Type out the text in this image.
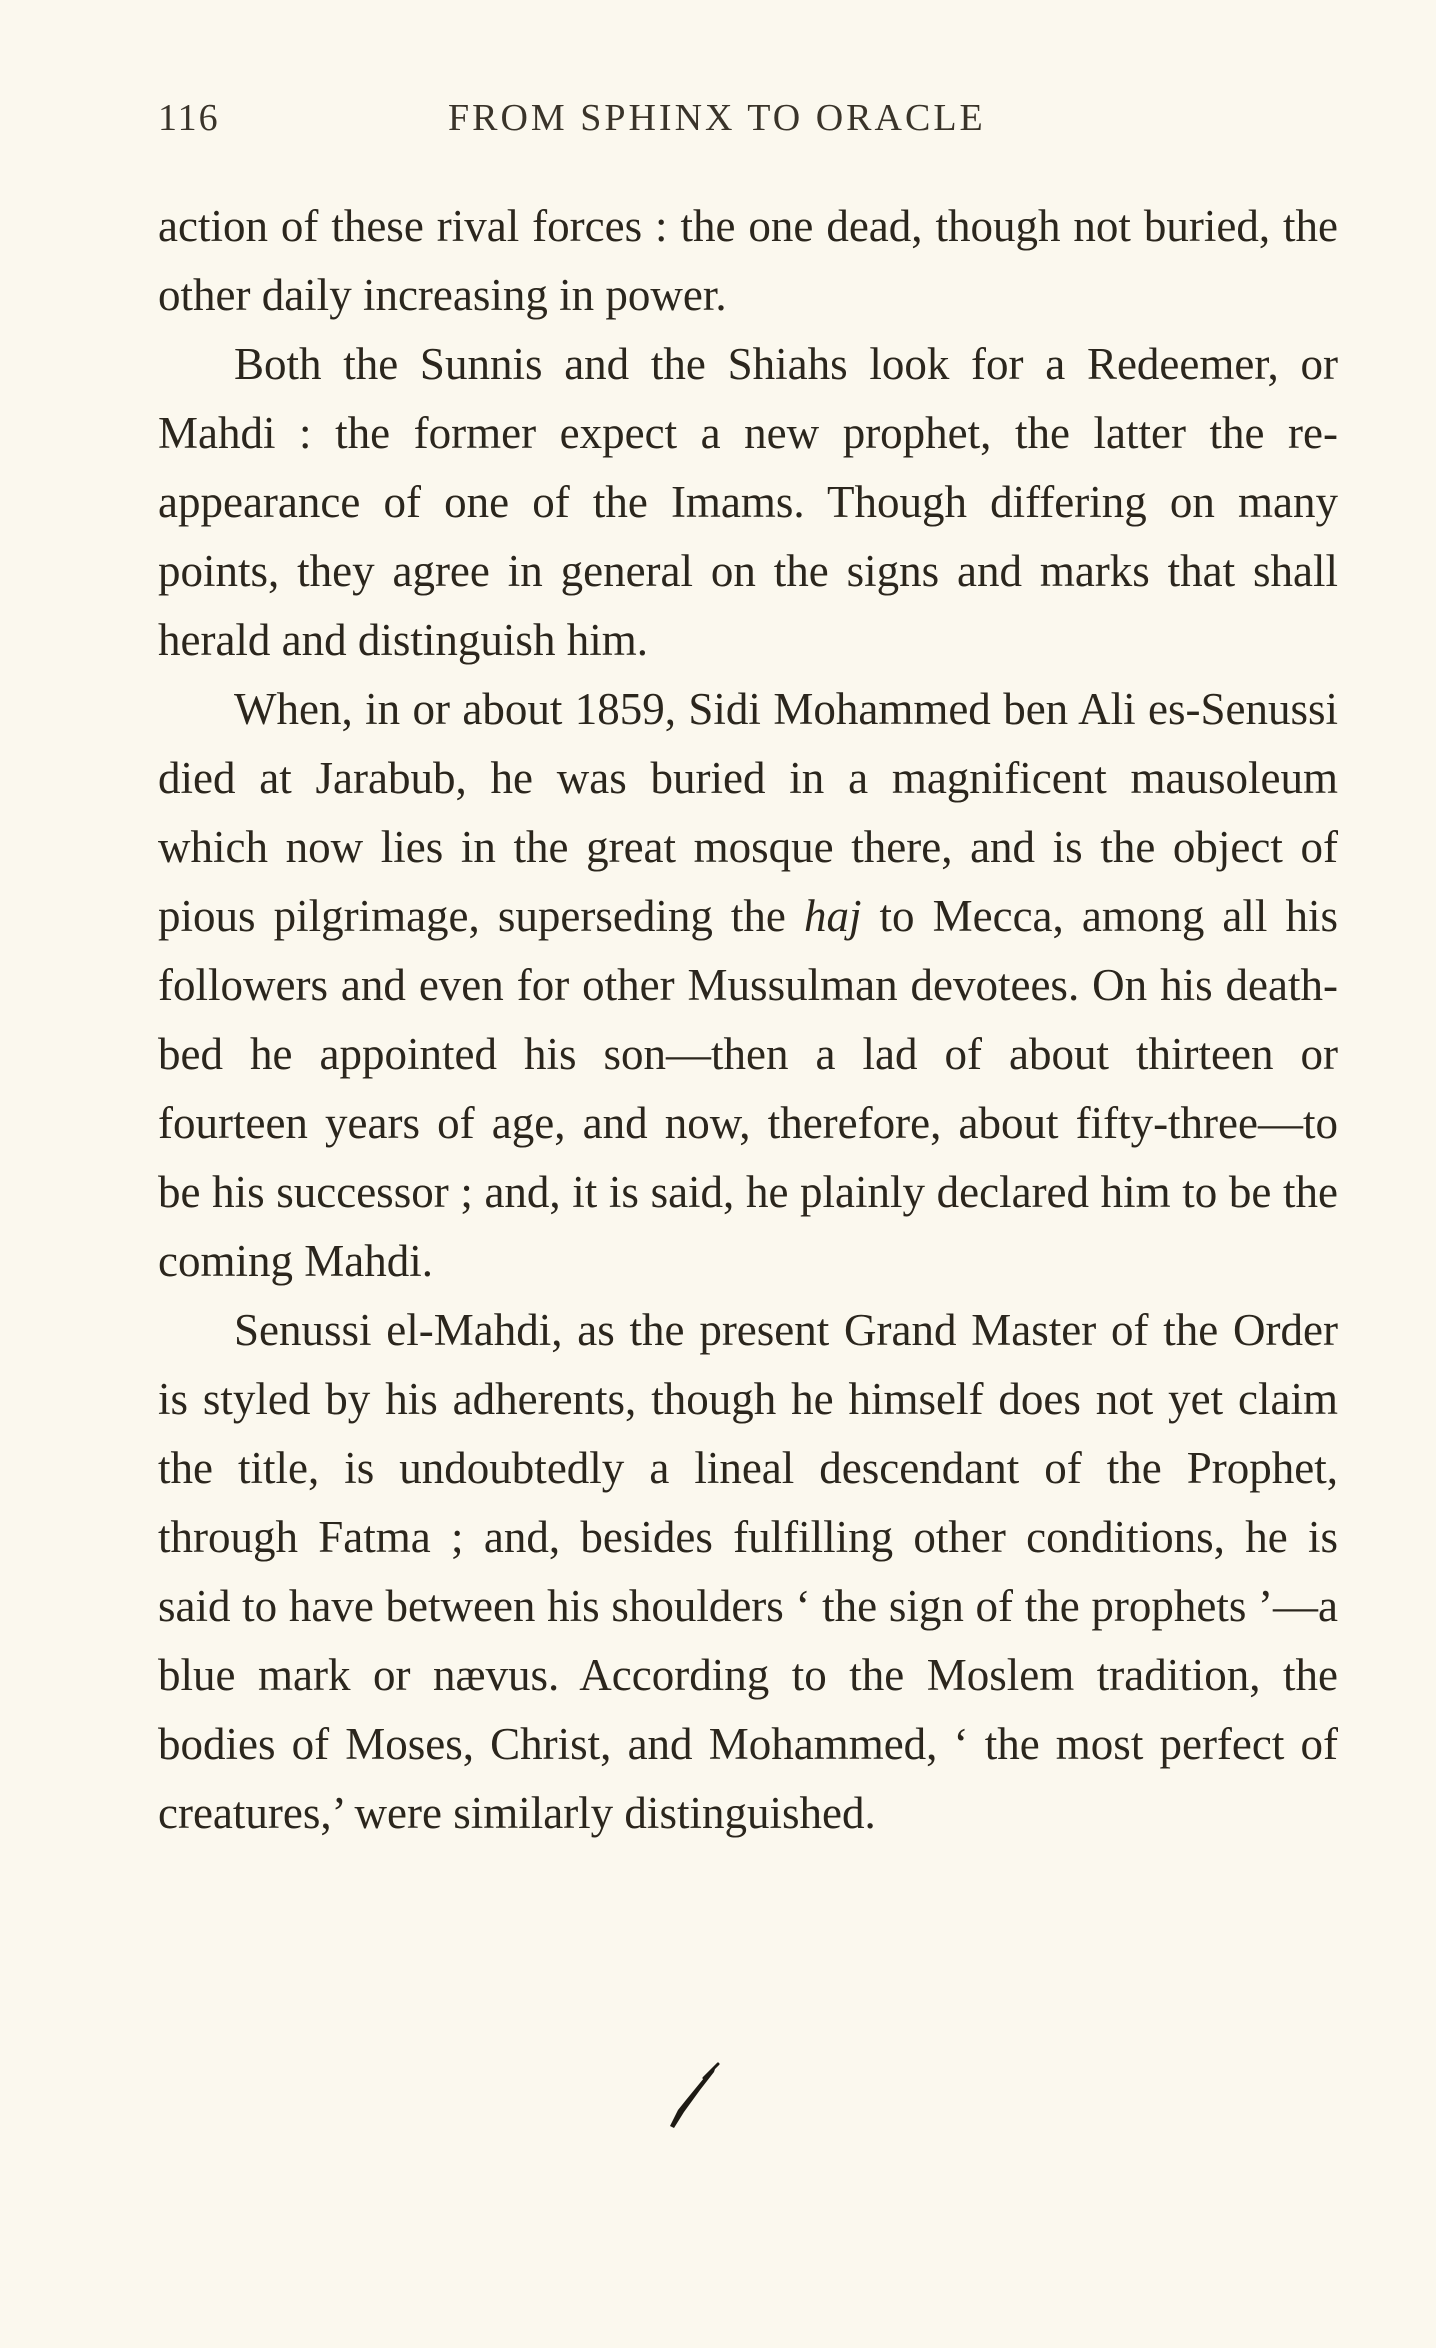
116	FROM SPHINX TO ORACLE

action of these rival forces : the one dead, though not buried, the other daily increasing in power.

Both the Sunnis and the Shiahs look for a Redeemer, or Mahdi : the former expect a new prophet, the latter the re-appearance of one of the Imams. Though differing on many points, they agree in general on the signs and marks that shall herald and distinguish him.

When, in or about 1859, Sidi Mohammed ben Ali es-Senussi died at Jarabub, he was buried in a magnificent mausoleum which now lies in the great mosque there, and is the object of pious pilgrimage, superseding the haj to Mecca, among all his followers and even for other Mussulman devotees. On his death-bed he appointed his son—then a lad of about thirteen or fourteen years of age, and now, therefore, about fifty-three—to be his successor ; and, it is said, he plainly declared him to be the coming Mahdi.

Senussi el-Mahdi, as the present Grand Master of the Order is styled by his adherents, though he himself does not yet claim the title, is undoubtedly a lineal descendant of the Prophet, through Fatma ; and, besides fulfilling other conditions, he is said to have between his shoulders ‘ the sign of the prophets ’—a blue mark or nævus. According to the Moslem tradition, the bodies of Moses, Christ, and Mohammed, ‘ the most perfect of creatures,’ were similarly distinguished.
